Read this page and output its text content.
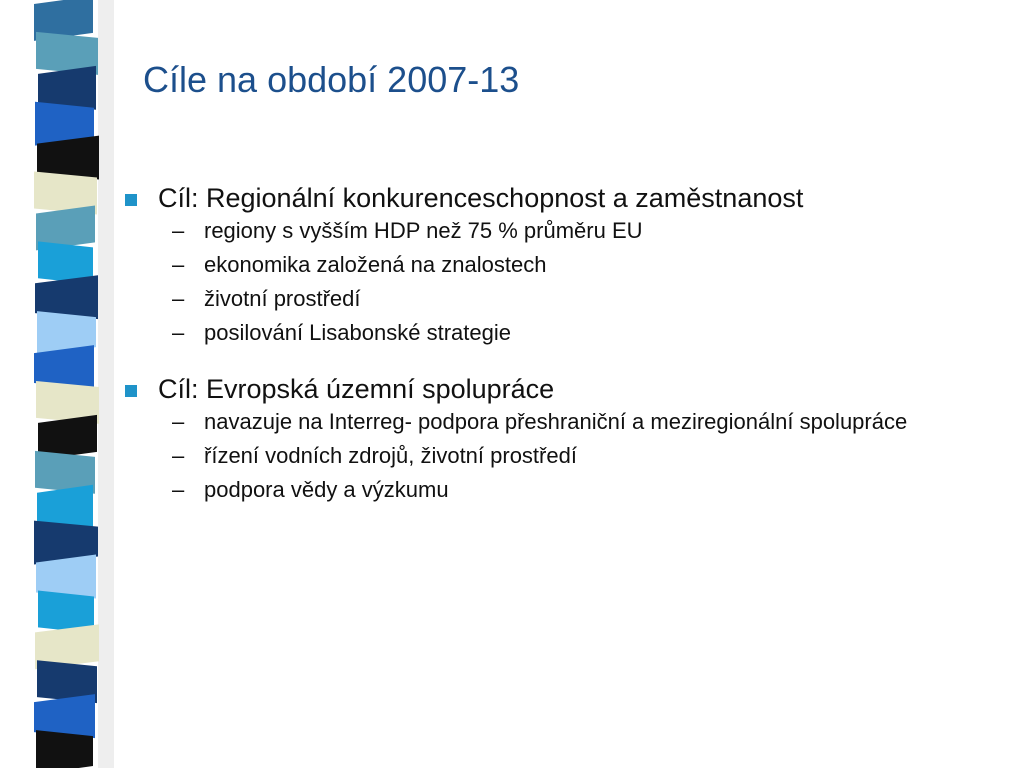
Cíle na období 2007-13
Cíl: Regionální konkurenceschopnost a zaměstnanost
– regiony s vyšším HDP než 75 % průměru EU
– ekonomika založená na znalostech
– životní prostředí
– posilování Lisabonské strategie
Cíl: Evropská územní spolupráce
– navazuje na Interreg- podpora přeshraniční a meziregionální spolupráce
– řízení vodních zdrojů, životní prostředí
– podpora vědy a výzkumu
